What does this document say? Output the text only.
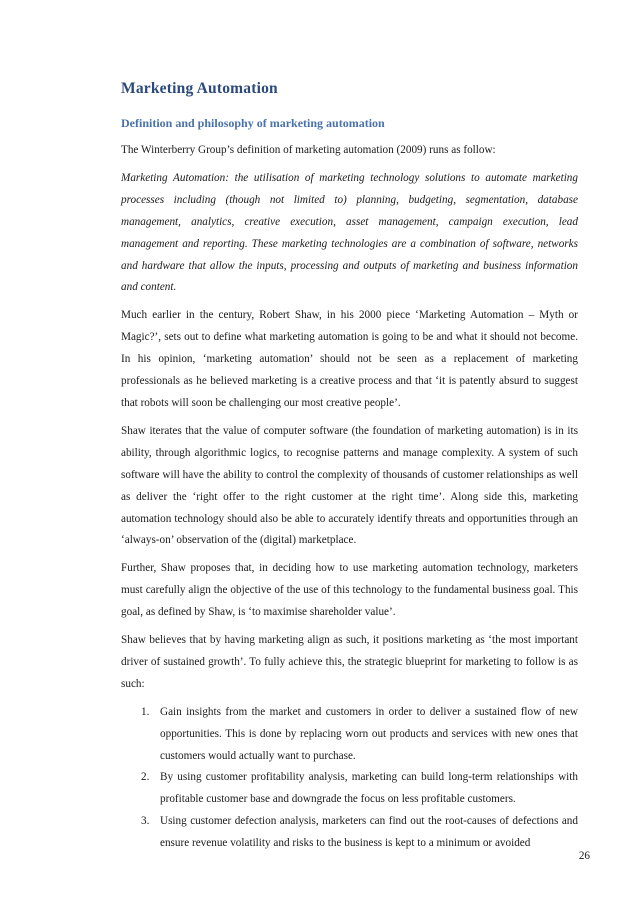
Marketing Automation
Definition and philosophy of marketing automation

The Winterberry Group’s definition of marketing automation (2009) runs as follow:

Marketing Automation: the utilisation of marketing technology solutions to automate marketing processes including (though not limited to) planning, budgeting, segmentation, database management, analytics, creative execution, asset management, campaign execution, lead management and reporting. These marketing technologies are a combination of software, networks and hardware that allow the inputs, processing and outputs of marketing and business information and content.

Much earlier in the century, Robert Shaw, in his 2000 piece ‘Marketing Automation – Myth or Magic?’, sets out to define what marketing automation is going to be and what it should not become. In his opinion, ‘marketing automation’ should not be seen as a replacement of marketing professionals as he believed marketing is a creative process and that ‘it is patently absurd to suggest that robots will soon be challenging our most creative people’.

Shaw iterates that the value of computer software (the foundation of marketing automation) is in its ability, through algorithmic logics, to recognise patterns and manage complexity. A system of such software will have the ability to control the complexity of thousands of customer relationships as well as deliver the ‘right offer to the right customer at the right time’. Along side this, marketing automation technology should also be able to accurately identify threats and opportunities through an ‘always-on’ observation of the (digital) marketplace.

Further, Shaw proposes that, in deciding how to use marketing automation technology, marketers must carefully align the objective of the use of this technology to the fundamental business goal. This goal, as defined by Shaw, is ‘to maximise shareholder value’.

Shaw believes that by having marketing align as such, it positions marketing as ‘the most important driver of sustained growth’. To fully achieve this, the strategic blueprint for marketing to follow is as such:

1. Gain insights from the market and customers in order to deliver a sustained flow of new opportunities. This is done by replacing worn out products and services with new ones that customers would actually want to purchase.
2. By using customer profitability analysis, marketing can build long-term relationships with profitable customer base and downgrade the focus on less profitable customers.
3. Using customer defection analysis, marketers can find out the root-causes of defections and ensure revenue volatility and risks to the business is kept to a minimum or avoided
26
